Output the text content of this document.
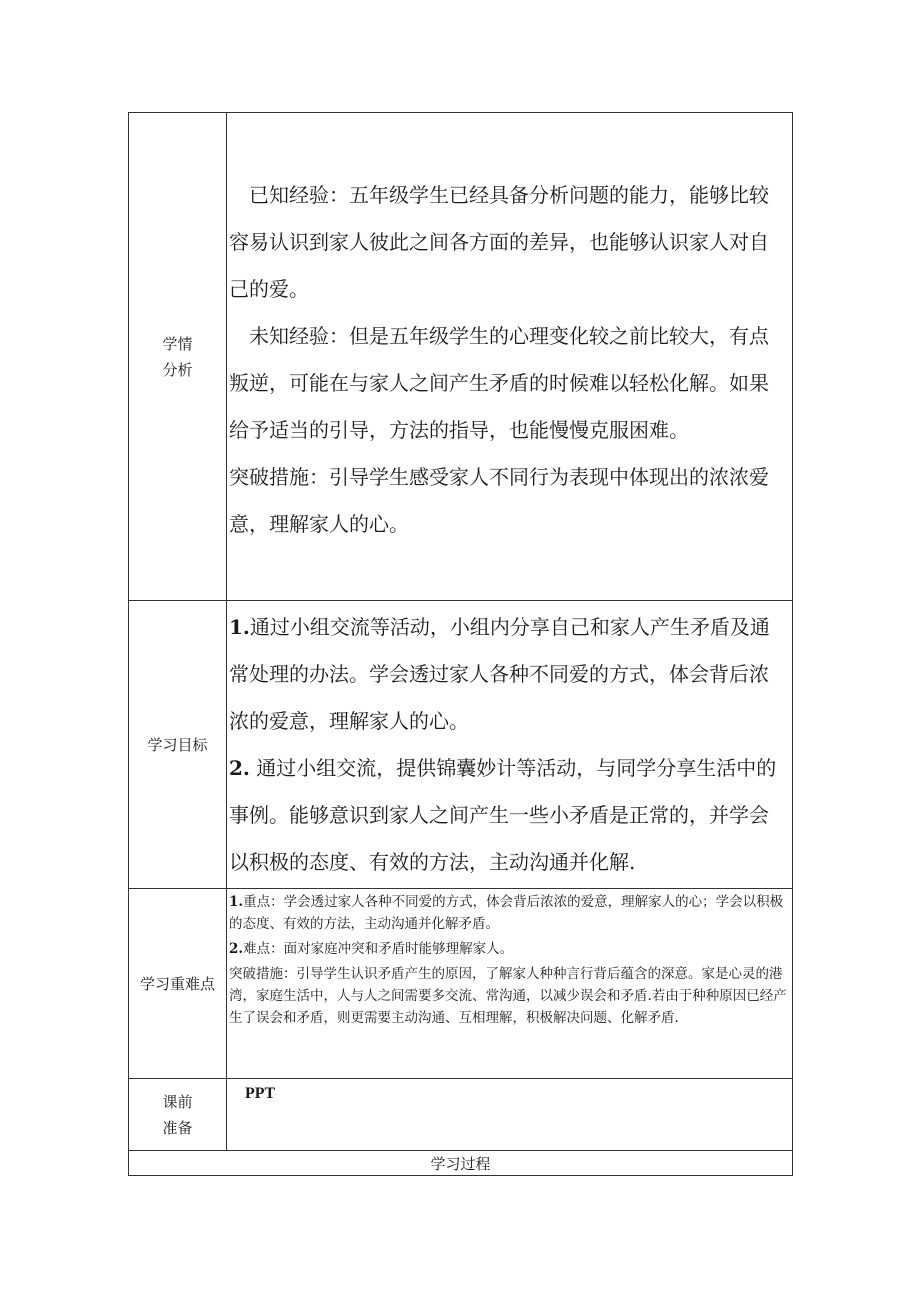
学情
分析

已知经验：五年级学生已经具备分析问题的能力，能够比较容易认识到家人彼此之间各方面的差异，也能够认识家人对自己的爱。

未知经验：但是五年级学生的心理变化较之前比较大，有点叛逆，可能在与家人之间产生矛盾的时候难以轻松化解。如果给予适当的引导，方法的指导，也能慢慢克服困难。

突破措施：引导学生感受家人不同行为表现中体现出的浓浓爱意，理解家人的心。

学习目标

1.通过小组交流等活动，小组内分享自己和家人产生矛盾及通常处理的办法。学会透过家人各种不同爱的方式，体会背后浓浓的爱意，理解家人的心。

2. 通过小组交流，提供锦囊妙计等活动，与同学分享生活中的事例。能够意识到家人之间产生一些小矛盾是正常的，并学会以积极的态度、有效的方法，主动沟通并化解.

学习重难点

1.重点：学会透过家人各种不同爱的方式，体会背后浓浓的爱意，理解家人的心；学会以积极的态度、有效的方法，主动沟通并化解矛盾。

2.难点：面对家庭冲突和矛盾时能够理解家人。

突破措施：引导学生认识矛盾产生的原因，了解家人种种言行背后蕴含的深意。家是心灵的港湾，家庭生活中，人与人之间需要多交流、常沟通，以减少误会和矛盾.若由于种种原因已经产生了误会和矛盾，则更需要主动沟通、互相理解，积极解决问题、化解矛盾.

课前
准备

PPT

学习过程
